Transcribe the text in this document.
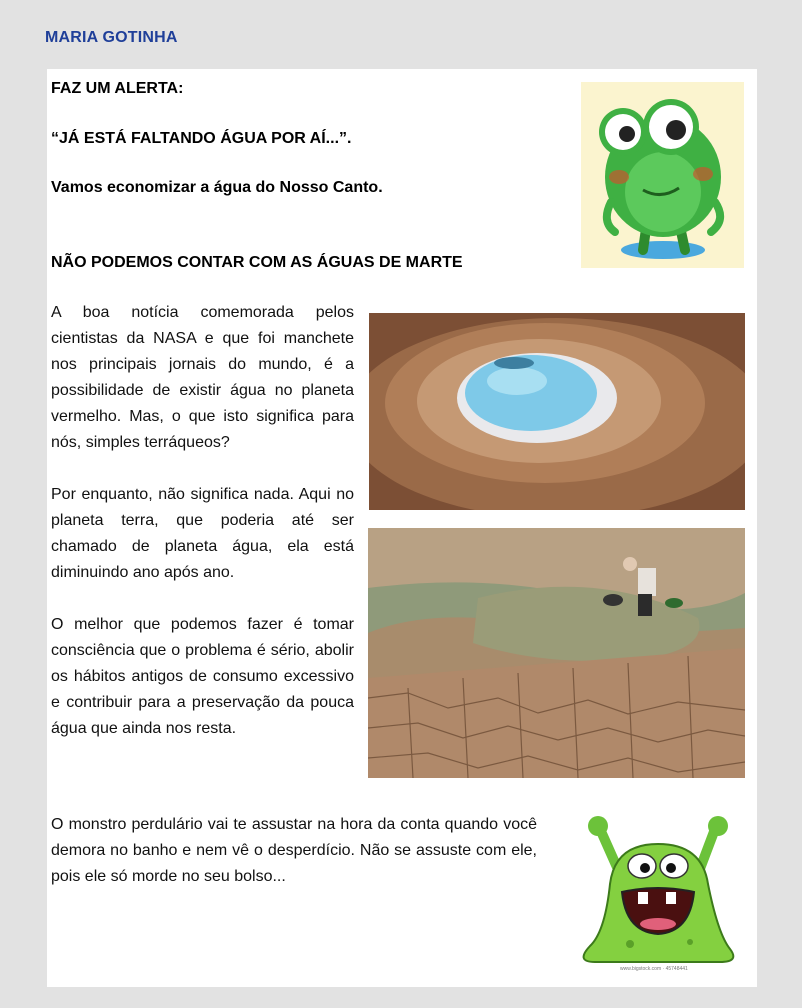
MARIA GOTINHA
FAZ UM ALERTA:
“JÁ ESTÁ FALTANDO ÁGUA POR AÍ...”.
Vamos economizar a água do Nosso Canto.
NÃO PODEMOS CONTAR COM AS ÁGUAS DE MARTE
A boa notícia comemorada pelos cientistas da NASA e que foi manchete nos principais jornais do mundo, é a possibilidade de existir água no planeta vermelho. Mas, o que isto significa para nós, simples terráqueos?
Por enquanto, não significa nada. Aqui no planeta terra, que poderia até ser chamado de planeta água, ela está diminuindo ano após ano.
O melhor que podemos fazer é tomar consciência que o problema é sério, abolir os hábitos antigos de consumo excessivo e contribuir para a preservação da pouca água que ainda nos resta.
O monstro perdulário vai te assustar na hora da conta quando você demora no banho e nem vê o desperdício. Não se assuste com ele, pois ele só morde no seu bolso...
www.bigstock.com · 45748441
